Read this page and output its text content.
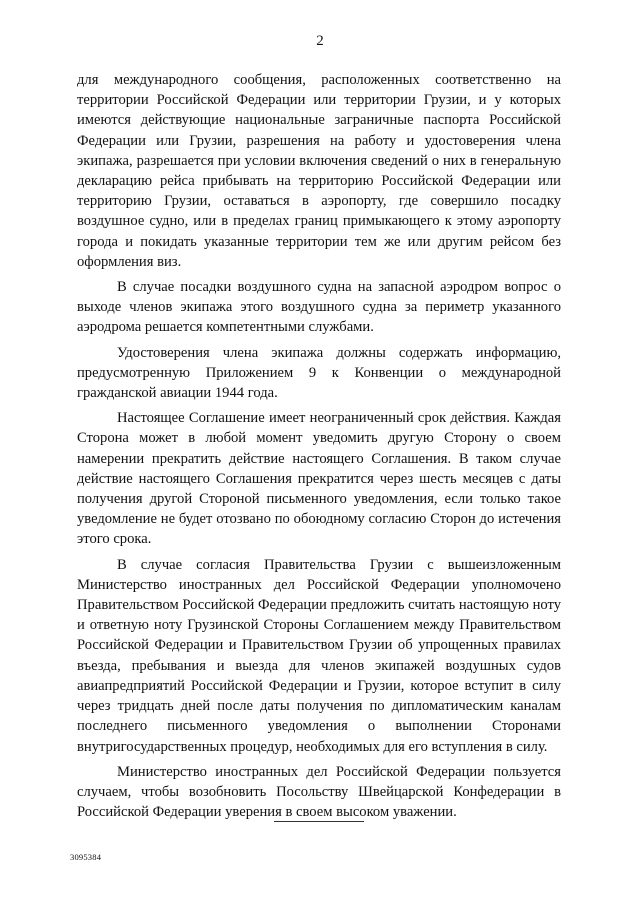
2

для международного сообщения, расположенных соответственно на территории Российской Федерации или территории Грузии, и у которых имеются действующие национальные заграничные паспорта Российской Федерации или Грузии, разрешения на работу и удостоверения члена экипажа, разрешается при условии включения сведений о них в генеральную декларацию рейса прибывать на территорию Российской Федерации или территорию Грузии, оставаться в аэропорту, где совершило посадку воздушное судно, или в пределах границ примыкающего к этому аэропорту города и покидать указанные территории тем же или другим рейсом без оформления виз.

В случае посадки воздушного судна на запасной аэродром вопрос о выходе членов экипажа этого воздушного судна за периметр указанного аэродрома решается компетентными службами.

Удостоверения члена экипажа должны содержать информацию, предусмотренную Приложением 9 к Конвенции о международной гражданской авиации 1944 года.

Настоящее Соглашение имеет неограниченный срок действия. Каждая Сторона может в любой момент уведомить другую Сторону о своем намерении прекратить действие настоящего Соглашения. В таком случае действие настоящего Соглашения прекратится через шесть месяцев с даты получения другой Стороной письменного уведомления, если только такое уведомление не будет отозвано по обоюдному согласию Сторон до истечения этого срока.

В случае согласия Правительства Грузии с вышеизложенным Министерство иностранных дел Российской Федерации уполномочено Правительством Российской Федерации предложить считать настоящую ноту и ответную ноту Грузинской Стороны Соглашением между Правительством Российской Федерации и Правительством Грузии об упрощенных правилах въезда, пребывания и выезда для членов экипажей воздушных судов авиапредприятий Российской Федерации и Грузии, которое вступит в силу через тридцать дней после даты получения по дипломатическим каналам последнего письменного уведомления о выполнении Сторонами внутригосударственных процедур, необходимых для его вступления в силу.

Министерство иностранных дел Российской Федерации пользуется случаем, чтобы возобновить Посольству Швейцарской Конфедерации в Российской Федерации уверения в своем высоком уважении.

3095384
